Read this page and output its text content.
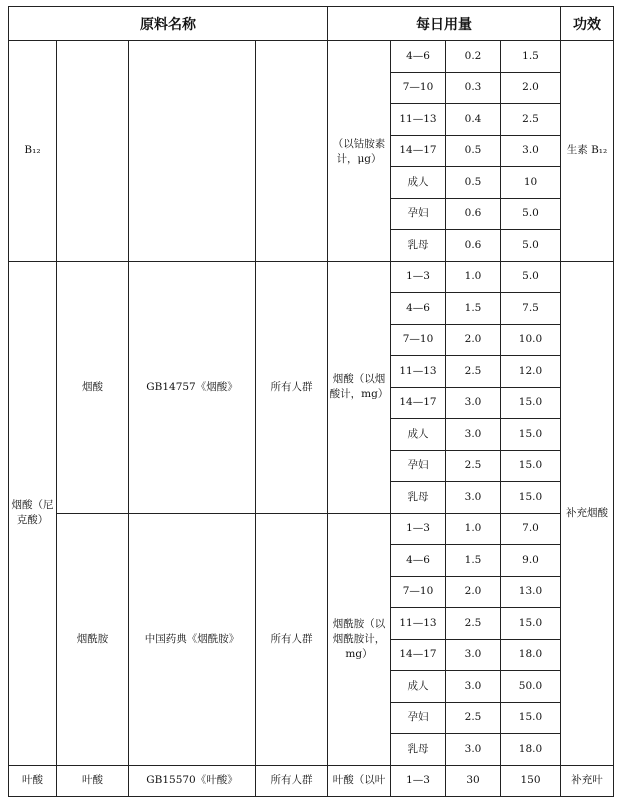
原料名称				每日用量				功效
B₁₂				（以钴胺素计，μg）	4—6	0.2	1.5	生素 B₁₂
					7—10	0.3	2.0	
					11—13	0.4	2.5	
					14—17	0.5	3.0	
					成人	0.5	10	
					孕妇	0.6	5.0	
					乳母	0.6	5.0	
烟酸（尼克酸）	烟酸	GB14757《烟酸》	所有人群	烟酸（以烟酸计，mg）	1—3	1.0	5.0	补充烟酸
					4—6	1.5	7.5	
					7—10	2.0	10.0	
					11—13	2.5	12.0	
					14—17	3.0	15.0	
					成人	3.0	15.0	
					孕妇	2.5	15.0	
					乳母	3.0	15.0	
	烟酰胺	中国药典《烟酰胺》	所有人群	烟酰胺（以烟酰胺计，mg）	1—3	1.0	7.0	
					4—6	1.5	9.0	
					7—10	2.0	13.0	
					11—13	2.5	15.0	
					14—17	3.0	18.0	
					成人	3.0	50.0	
					孕妇	2.5	15.0	
					乳母	3.0	18.0	
叶酸	叶酸	GB15570《叶酸》	所有人群	叶酸（以叶	1—3	30	150	补充叶
